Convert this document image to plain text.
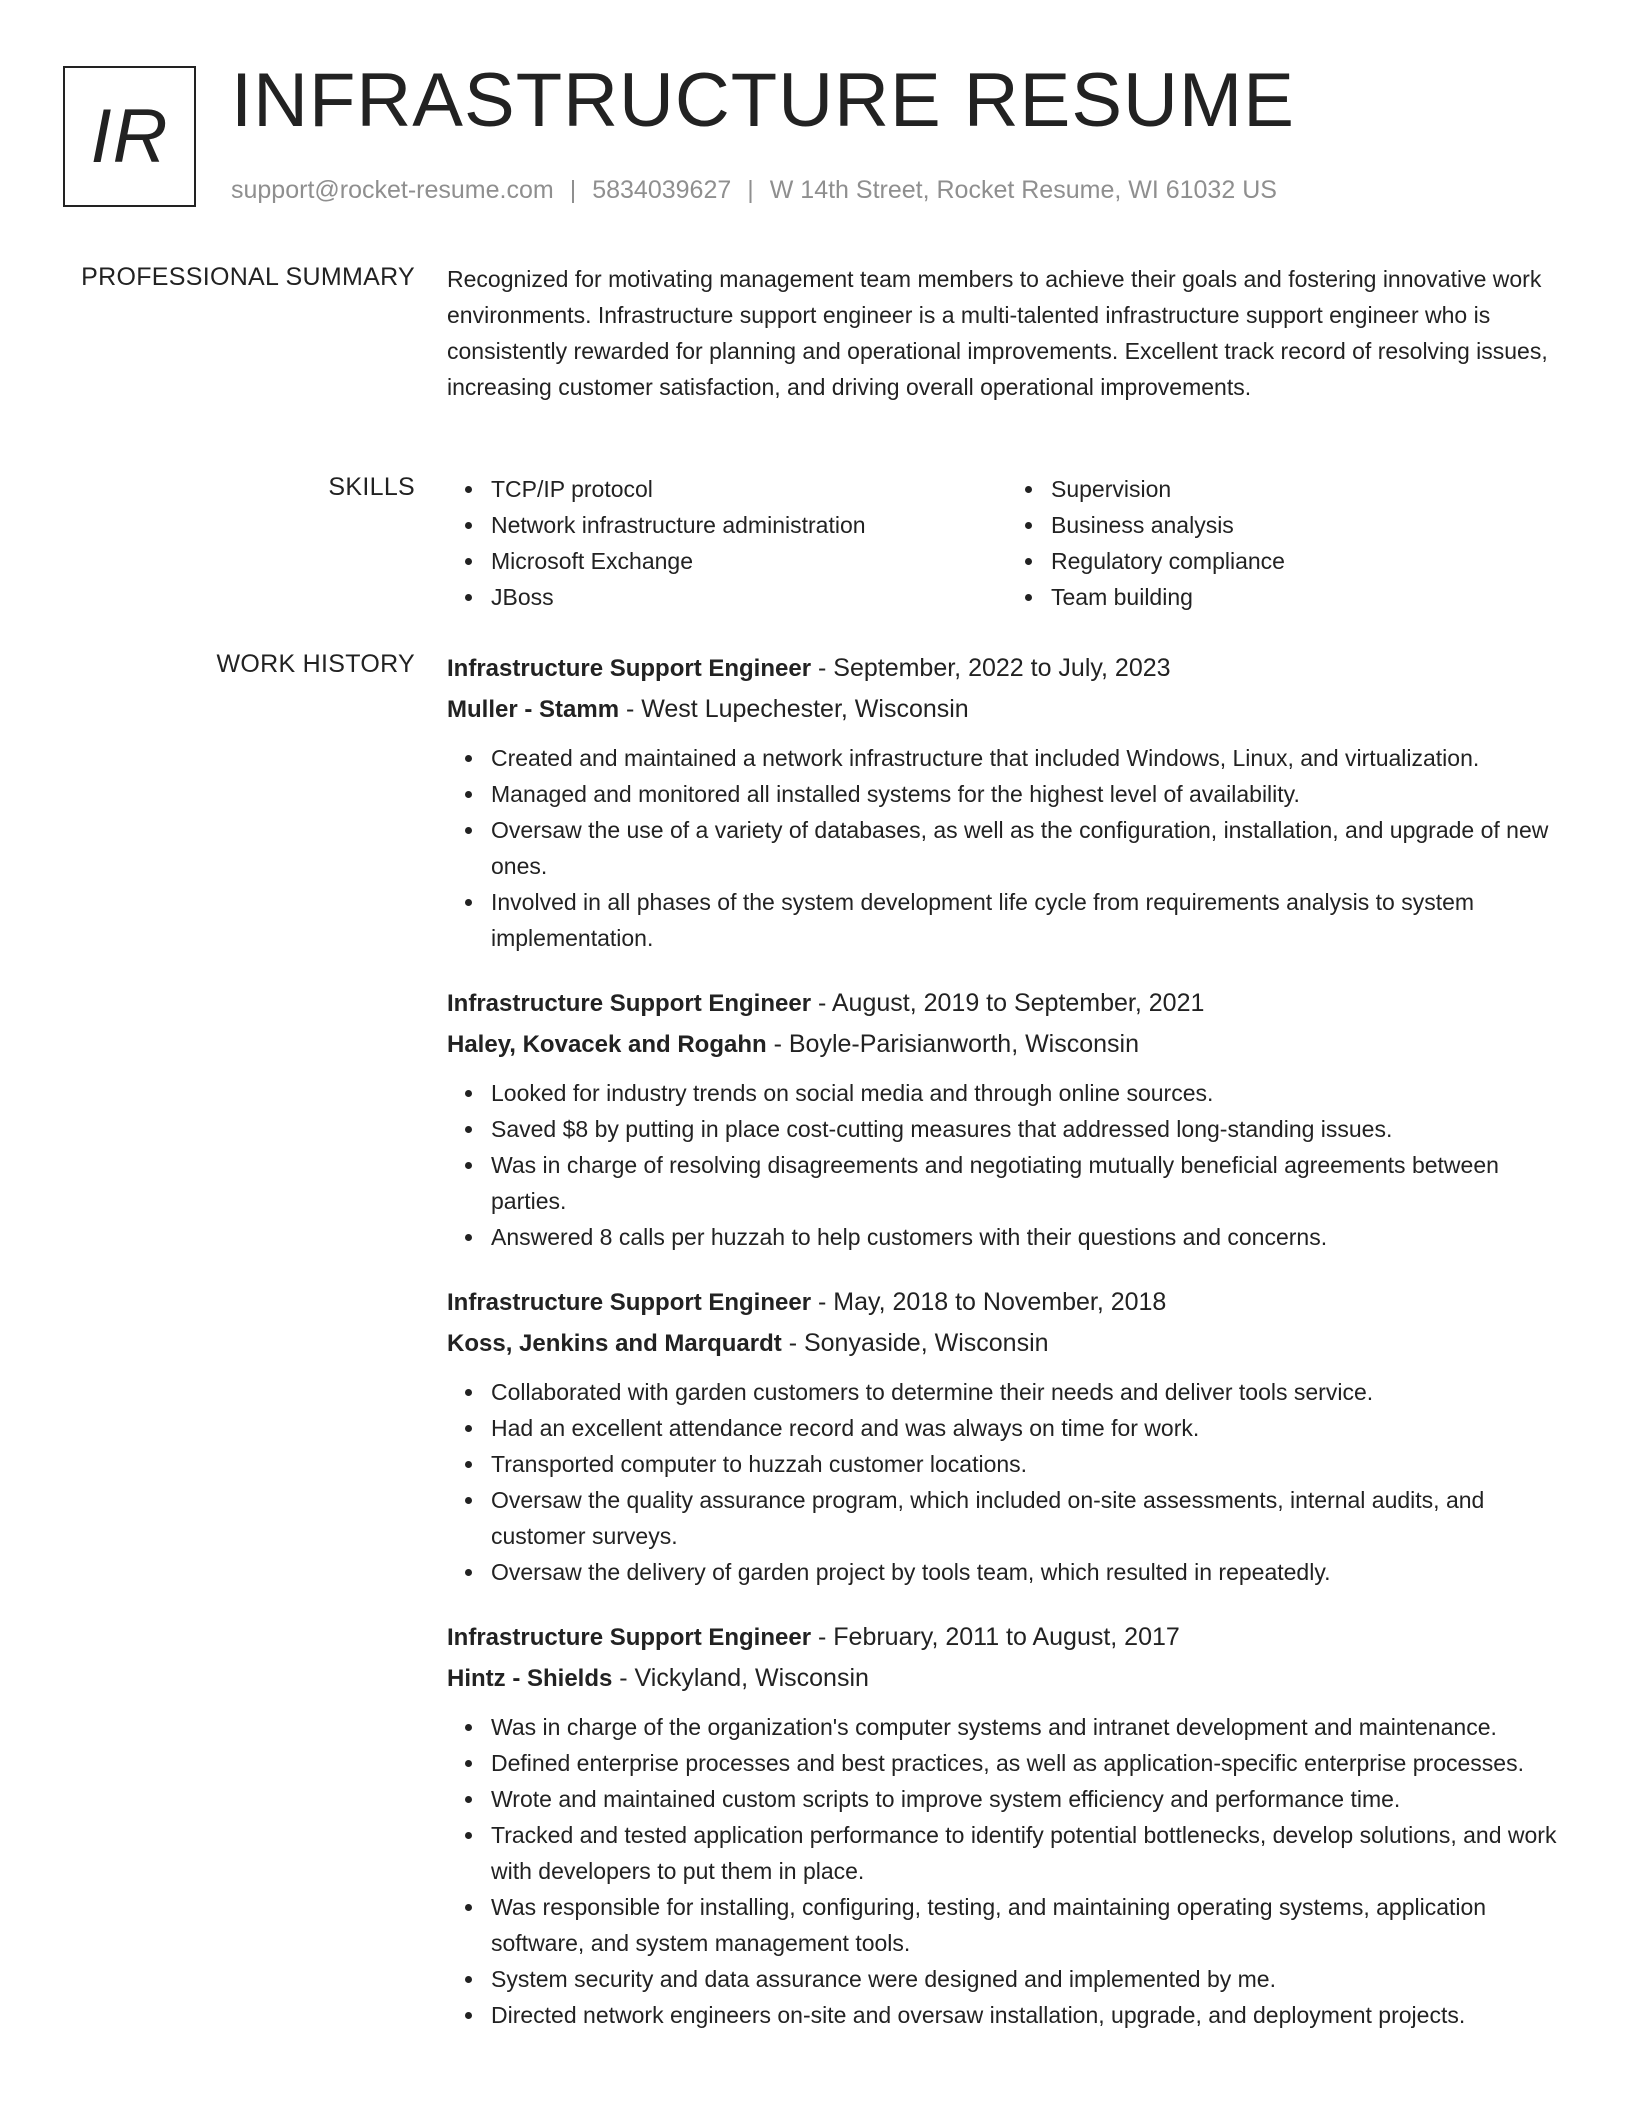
IR INFRASTRUCTURE RESUME
support@rocket-resume.com | 5834039627 | W 14th Street, Rocket Resume, WI 61032 US
PROFESSIONAL SUMMARY Recognized for motivating management team members to achieve their goals and fostering innovative work environments. Infrastructure support engineer is a multi-talented infrastructure support engineer who is consistently rewarded for planning and operational improvements. Excellent track record of resolving issues, increasing customer satisfaction, and driving overall operational improvements.

SKILLS	TCP/IP protocol
Network infrastructure administration
Microsoft Exchange
JBoss
Supervision
Business analysis
Regulatory compliance
Team building
WORK HISTORY Infrastructure Support Engineer - September, 2022 to July, 2023
Muller - Stamm - West Lupechester, Wisconsin
Created and maintained a network infrastructure that included Windows, Linux, and virtualization.
Managed and monitored all installed systems for the highest level of availability.
Oversaw the use of a variety of databases, as well as the configuration, installation, and upgrade of new ones.
Involved in all phases of the system development life cycle from requirements analysis to system implementation.
Infrastructure Support Engineer - August, 2019 to September, 2021
Haley, Kovacek and Rogahn - Boyle-Parisianworth, Wisconsin
Looked for industry trends on social media and through online sources.
Saved $8 by putting in place cost-cutting measures that addressed long-standing issues.
Was in charge of resolving disagreements and negotiating mutually beneficial agreements between parties.
Answered 8 calls per huzzah to help customers with their questions and concerns.
Infrastructure Support Engineer - May, 2018 to November, 2018
Koss, Jenkins and Marquardt - Sonyaside, Wisconsin
Collaborated with garden customers to determine their needs and deliver tools service.
Had an excellent attendance record and was always on time for work.
Transported computer to huzzah customer locations.
Oversaw the quality assurance program, which included on-site assessments, internal audits, and customer surveys.
Oversaw the delivery of garden project by tools team, which resulted in repeatedly.
Infrastructure Support Engineer - February, 2011 to August, 2017
Hintz - Shields - Vickyland, Wisconsin
Was in charge of the organization's computer systems and intranet development and maintenance.
Defined enterprise processes and best practices, as well as application-specific enterprise processes.
Wrote and maintained custom scripts to improve system efficiency and performance time.
Tracked and tested application performance to identify potential bottlenecks, develop solutions, and work with developers to put them in place.
Was responsible for installing, configuring, testing, and maintaining operating systems, application software, and system management tools.
System security and data assurance were designed and implemented by me.
Directed network engineers on-site and oversaw installation, upgrade, and deployment projects.
